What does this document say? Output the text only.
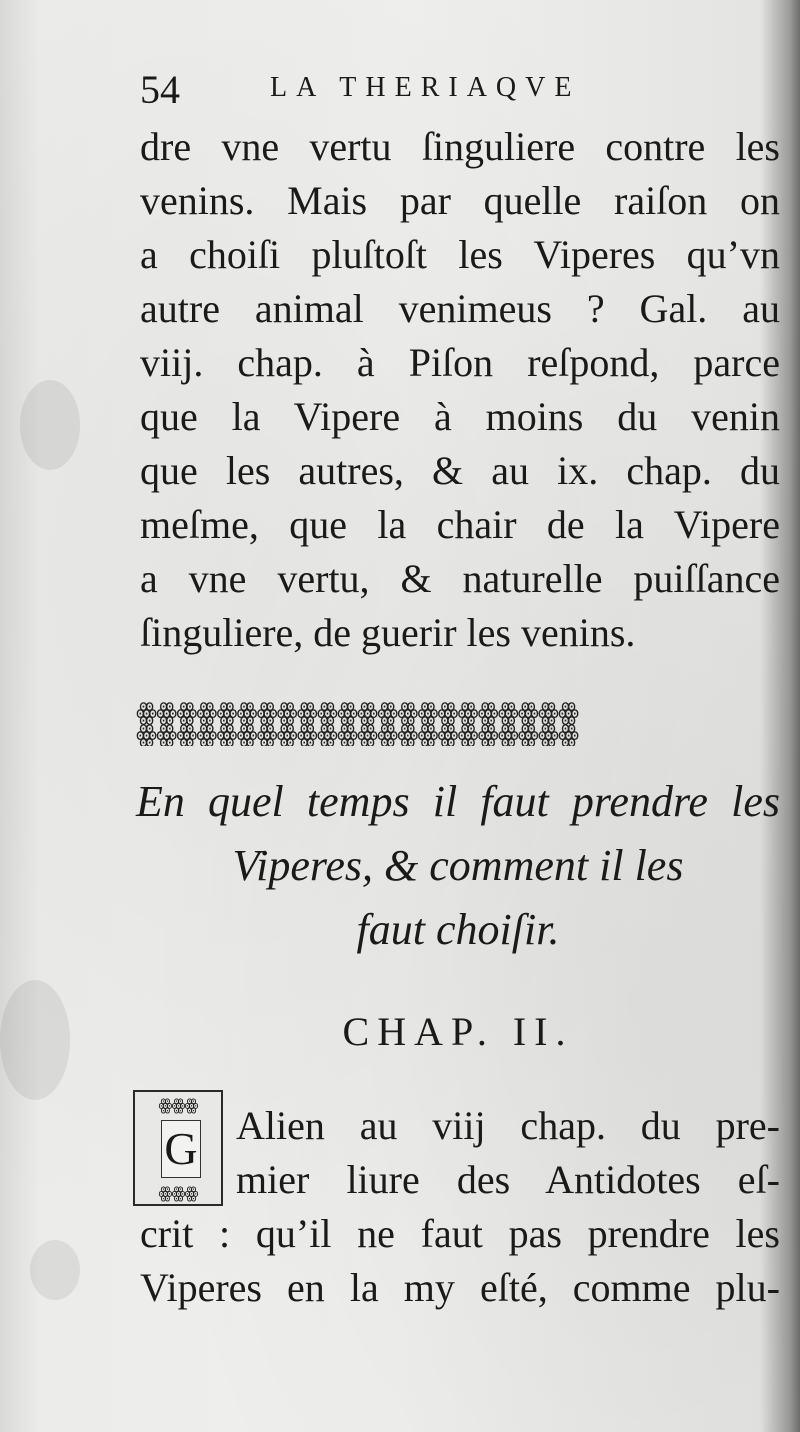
54	LA THERIAQVE
dre vne vertu ſinguliere contre les
venins. Mais par quelle raiſon on
a choiſi pluſtoſt les Viperes qu’vn
autre animal venimeus ? Gal. au
viij. chap. à Piſon reſpond, parce
que la Vipere à moins du venin
que les autres, & au ix. chap. du
meſme, que la chair de la Vipere
a vne vertu, & naturelle puiſſance
ſinguliere, de guerir les venins.
ꙮꙮꙮꙮꙮꙮꙮꙮꙮꙮꙮꙮꙮꙮꙮꙮꙮꙮꙮꙮꙮꙮ
ꙮꙮꙮꙮꙮꙮꙮꙮꙮꙮꙮꙮꙮꙮꙮꙮꙮꙮꙮꙮꙮꙮ
En quel temps il faut prendre les
Viperes, & comment il les
faut choiſir.
CHAP. II.
ꙮꙮꙮ
G
ꙮꙮꙮ
Alien au viij chap. du pre-
mier liure des Antidotes eſ-
crit : qu’il ne faut pas prendre les
Viperes en la my eſté, comme plu-
